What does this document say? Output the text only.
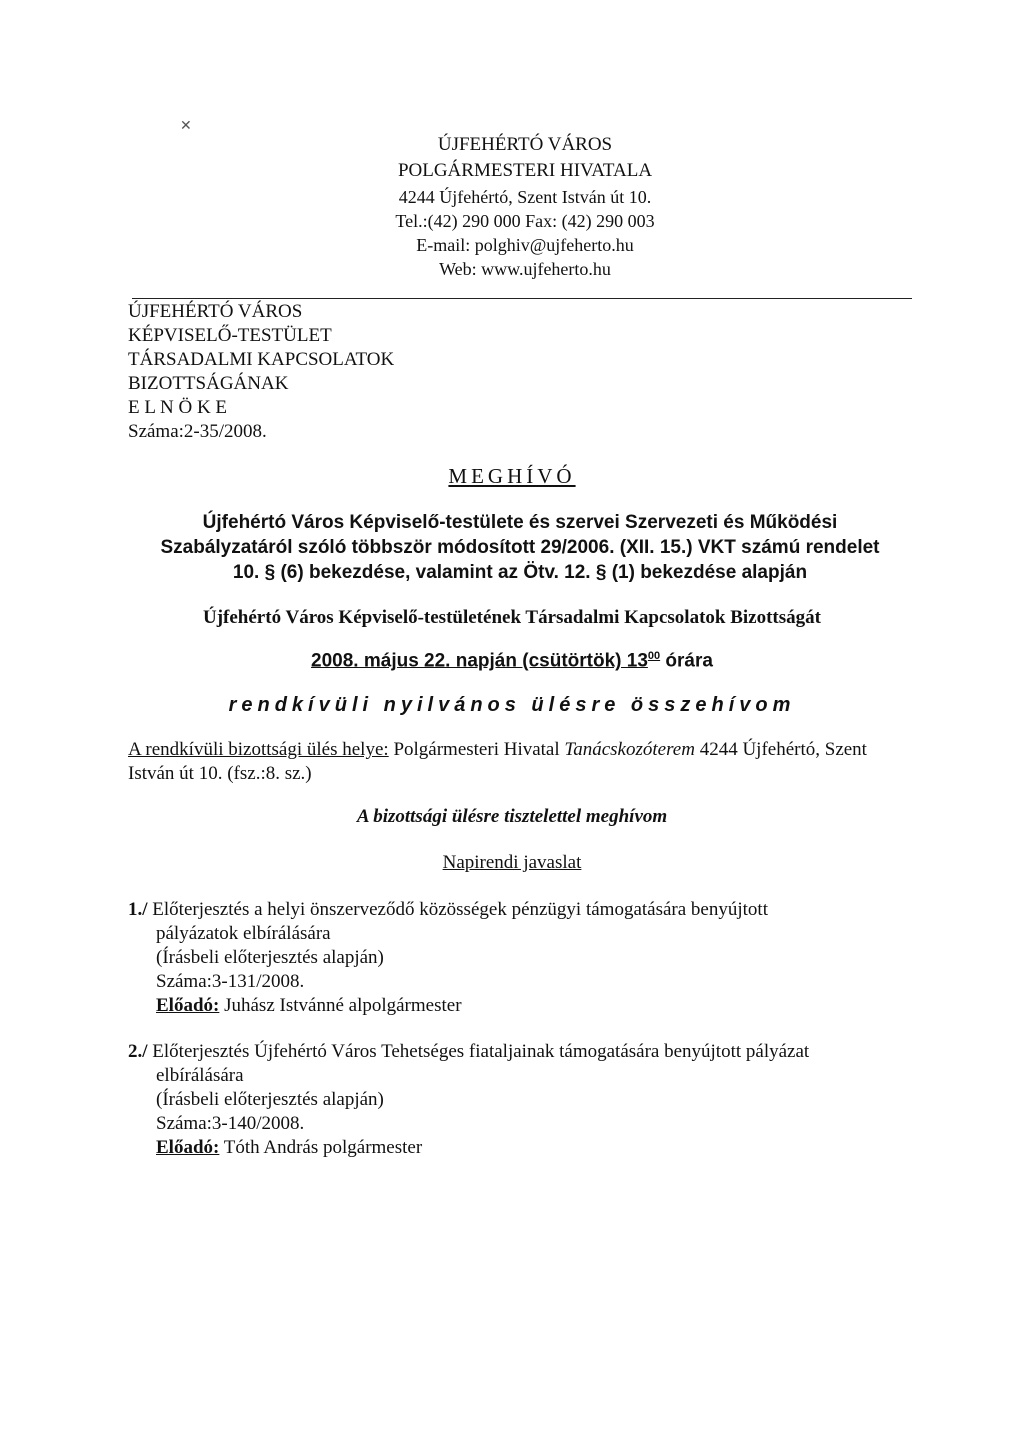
✕
ÚJFEHÉRTÓ VÁROS
POLGÁRMESTERI HIVATALA
4244 Újfehértó, Szent István út 10.
Tel.:(42) 290 000 Fax: (42) 290 003
E-mail: polghiv@ujfeherto.hu
Web: www.ujfeherto.hu
ÚJFEHÉRTÓ VÁROS
KÉPVISELŐ-TESTÜLET
TÁRSADALMI KAPCSOLATOK
BIZOTTSÁGÁNAK
E L N Ö K E
Száma:2-35/2008.
MEGHÍVÓ
Újfehértó Város Képviselő-testülete és szervei Szervezeti és Működési Szabályzatáról szóló többször módosított 29/2006. (XII. 15.) VKT számú rendelet 10. § (6) bekezdése, valamint az Ötv. 12. § (1) bekezdése alapján
Újfehértó Város Képviselő-testületének Társadalmi Kapcsolatok Bizottságát
2008. május 22. napján (csütörtök) $13^{00}$ órára
rendkívüli nyilvános ülésre összehívom
A rendkívüli bizottsági ülés helye: Polgármesteri Hivatal Tanácskozóterem 4244 Újfehértó, Szent István út 10. (fsz.:8. sz.)
A bizottsági ülésre tisztelettel meghívom
Napirendi javaslat
1./ Előterjesztés a helyi önszerveződő közösségek pénzügyi támogatására benyújtott
pályázatok elbírálására
(Írásbeli előterjesztés alapján)
Száma:3-131/2008.
Előadó: Juhász Istvánné alpolgármester
2./ Előterjesztés Újfehértó Város Tehetséges fiataljainak támogatására benyújtott pályázat
elbírálására
(Írásbeli előterjesztés alapján)
Száma:3-140/2008.
Előadó: Tóth András polgármester
